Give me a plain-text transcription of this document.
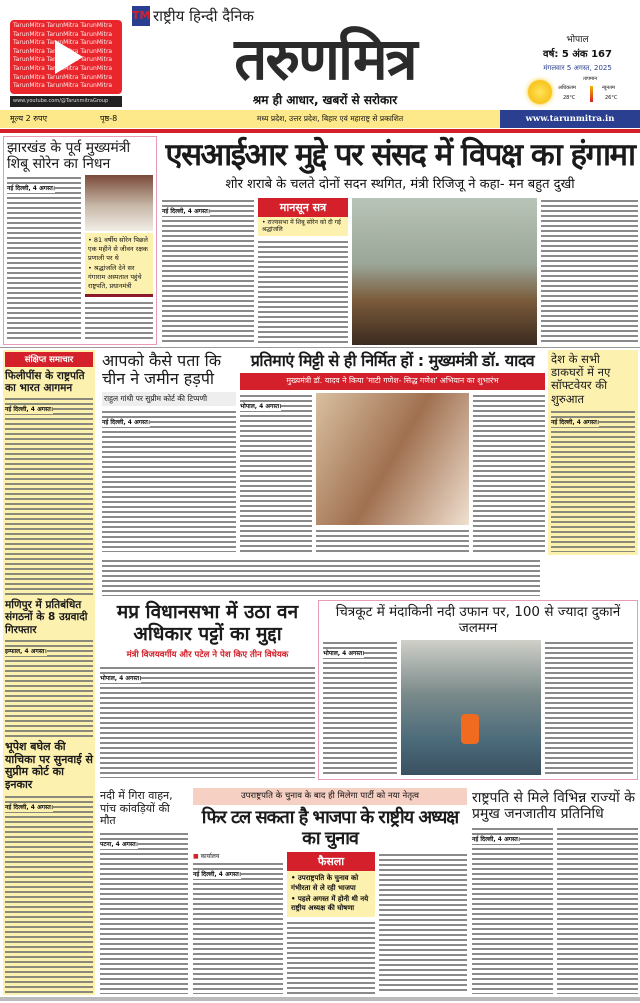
TarunMitra TarunMitra TarunMitra
TarunMitra TarunMitra TarunMitra
TarunMitra TarunMitra TarunMitra
TarunMitra TarunMitra TarunMitra
TarunMitra TarunMitra TarunMitra
TarunMitra TarunMitra TarunMitra
TarunMitra TarunMitra TarunMitra
TarunMitra TarunMitra TarunMitra
www.youtube.com/@TarunmitraGroup
TM राष्ट्रीय हिन्दी दैनिक
तरुणमित्र
श्रम ही आधार, खबरों से सरोकार
भोपाल
वर्ष: 5 अंक 167
मंगलवार 5 अगस्त, 2025
तापमान
अधिकतम
28°C
न्यूनतम
26°C
मूल्य 2 रुपए	पृष्ठ-8	मध्य प्रदेश, उत्तर प्रदेश, बिहार एवं महाराष्ट्र से प्रकाशित	www.tarunmitra.in
झारखंड के पूर्व मुख्यमंत्री शिबू सोरेन का निधन
नई दिल्ली, 4 अगस्त।
• 81 वर्षीय सोरेन पिछले एक महीने से जीवन रक्षक प्रणाली पर थे
• श्रद्धांजलि देने सर गंगाराम अस्पताल पहुंचे राष्ट्रपति, प्रधानमंत्री
एसआईआर मुद्दे पर संसद में विपक्ष का हंगामा
शोर शराबे के चलते दोनों सदन स्थगित, मंत्री रिजिजू ने कहा- मन बहुत दुखी
नई दिल्ली, 4 अगस्त।	मानसून सत्र
• राज्यसभा में शिबू सोरेन को दी गई श्रद्धांजलि
संक्षिप्त समाचार
फिलीपींस के राष्ट्रपति का भारत आगमन
नई दिल्ली, 4 अगस्त।
मणिपुर में प्रतिबंधित संगठनों के 8 उग्रवादी गिरफ्तार
इम्फाल, 4 अगस्त।
भूपेश बघेल की याचिका पर सुनवाई से सुप्रीम कोर्ट का इनकार
नई दिल्ली, 4 अगस्त।
आपको कैसे पता कि चीन ने जमीन हड़पी
राहुल गांधी पर सुप्रीम कोर्ट की टिप्पणी
नई दिल्ली, 4 अगस्त।
प्रतिमाएं मिट्टी से ही निर्मित हों : मुख्यमंत्री डॉ. यादव
मुख्यमंत्री डॉ. यादव ने किया 'माटी गणेश- सिद्ध गणेश' अभियान का शुभारंभ
भोपाल, 4 अगस्त।
देश के सभी डाकघरों में नए सॉफ्टवेयर की शुरुआत
नई दिल्ली, 4 अगस्त।
मप्र विधानसभा में उठा वन अधिकार पट्टों का मुद्दा
मंत्री विजयवर्गीय और पटेल ने पेश किए तीन विधेयक
भोपाल, 4 अगस्त।
चित्रकूट में मंदाकिनी नदी उफान पर, 100 से ज्यादा दुकानें जलमग्न
भोपाल, 4 अगस्त।
नदी में गिरा वाहन, पांच कांवड़ियों की मौत
पटना, 4 अगस्त।
उपराष्ट्रपति के चुनाव के बाद ही मिलेगा पार्टी को नया नेतृत्व
फिर टल सकता है भाजपा के राष्ट्रीय अध्यक्ष का चुनाव
■ कार्यालय
नई दिल्ली, 4 अगस्त।
फैसला
• उपराष्ट्रपति के चुनाव को गंभीरता से ले रही भाजपा
• पहले अगस्त में होनी थी नये राष्ट्रीय अध्यक्ष की घोषणा
राष्ट्रपति से मिले विभिन्न राज्यों के प्रमुख जनजातीय प्रतिनिधि
नई दिल्ली, 4 अगस्त।
